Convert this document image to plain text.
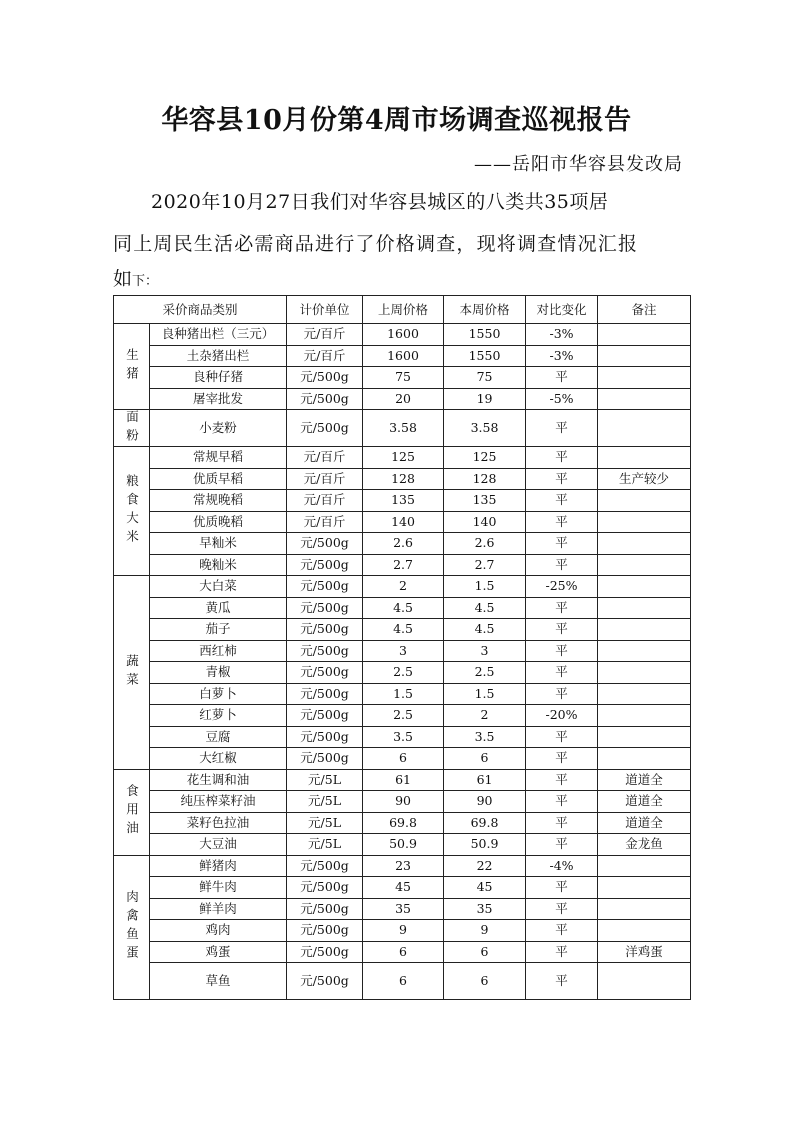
华容县10月份第4周市场调查巡视报告
——岳阳市华容县发改局
2020年10月27日我们对华容县城区的八类共35项居
同上周民生活必需商品进行了价格调查，现将调查情况汇报
如下：
采价商品类别		计价单位	上周价格	本周价格	对比变化	备注
生猪	良种猪出栏（三元）	元/百斤	1600	1550	-3%	
	土杂猪出栏	元/百斤	1600	1550	-3%	
	良种仔猪	元/500g	75	75	平	
	屠宰批发	元/500g	20	19	-5%	
面粉	小麦粉	元/500g	3.58	3.58	平	
粮食大米	常规早稻	元/百斤	125	125	平	
	优质早稻	元/百斤	128	128	平	生产较少
	常规晚稻	元/百斤	135	135	平	
	优质晚稻	元/百斤	140	140	平	
	早籼米	元/500g	2.6	2.6	平	
	晚籼米	元/500g	2.7	2.7	平	
蔬菜	大白菜	元/500g	2	1.5	-25%	
	黄瓜	元/500g	4.5	4.5	平	
	茄子	元/500g	4.5	4.5	平	
	西红柿	元/500g	3	3	平	
	青椒	元/500g	2.5	2.5	平	
	白萝卜	元/500g	1.5	1.5	平	
	红萝卜	元/500g	2.5	2	-20%	
	豆腐	元/500g	3.5	3.5	平	
	大红椒	元/500g	6	6	平	
食用油	花生调和油	元/5L	61	61	平	道道全
	纯压榨菜籽油	元/5L	90	90	平	道道全
	菜籽色拉油	元/5L	69.8	69.8	平	道道全
	大豆油	元/5L	50.9	50.9	平	金龙鱼
肉禽鱼蛋	鲜猪肉	元/500g	23	22	-4%	
	鲜牛肉	元/500g	45	45	平	
	鲜羊肉	元/500g	35	35	平	
	鸡肉	元/500g	9	9	平	
	鸡蛋	元/500g	6	6	平	洋鸡蛋
	草鱼	元/500g	6	6	平	
